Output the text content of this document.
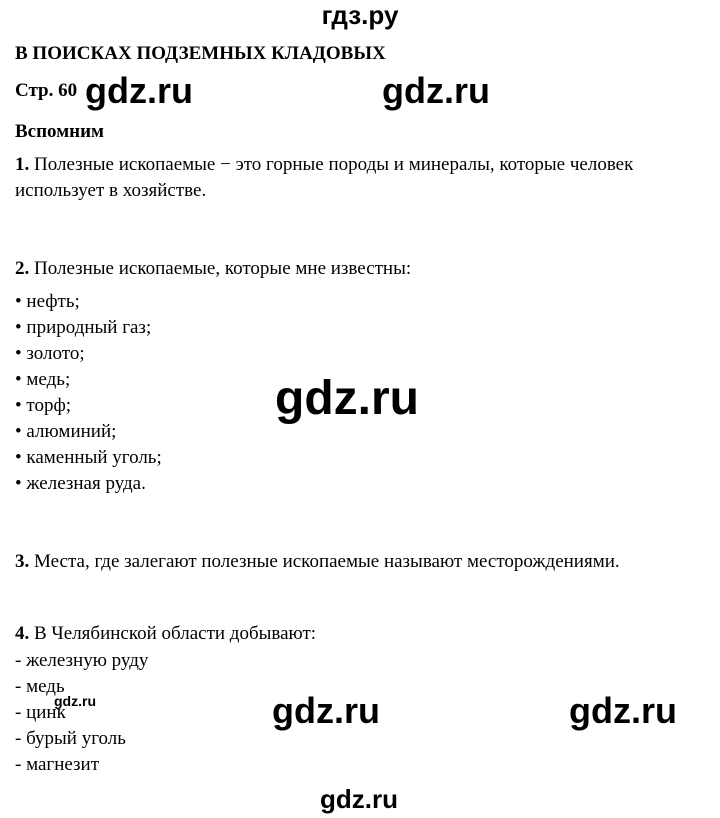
гдз.ру
В ПОИСКАХ ПОДЗЕМНЫХ КЛАДОВЫХ
Стр. 60
Вспомним
1. Полезные ископаемые − это горные породы и минералы, которые человек использует в хозяйстве.
2. Полезные ископаемые, которые мне известны:
• нефть;
• природный газ;
• золото;
• медь;
• торф;
• алюминий;
• каменный уголь;
• железная руда.
3. Места, где залегают полезные ископаемые называют месторождениями.
4. В Челябинской области добывают:
- железную руду
- медь
- цинк
- бурый уголь
- магнезит
gdz.ru	gdz.ru
gdz.ru
gdz.ru	gdz.ru	gdz.ru
gdz.ru
